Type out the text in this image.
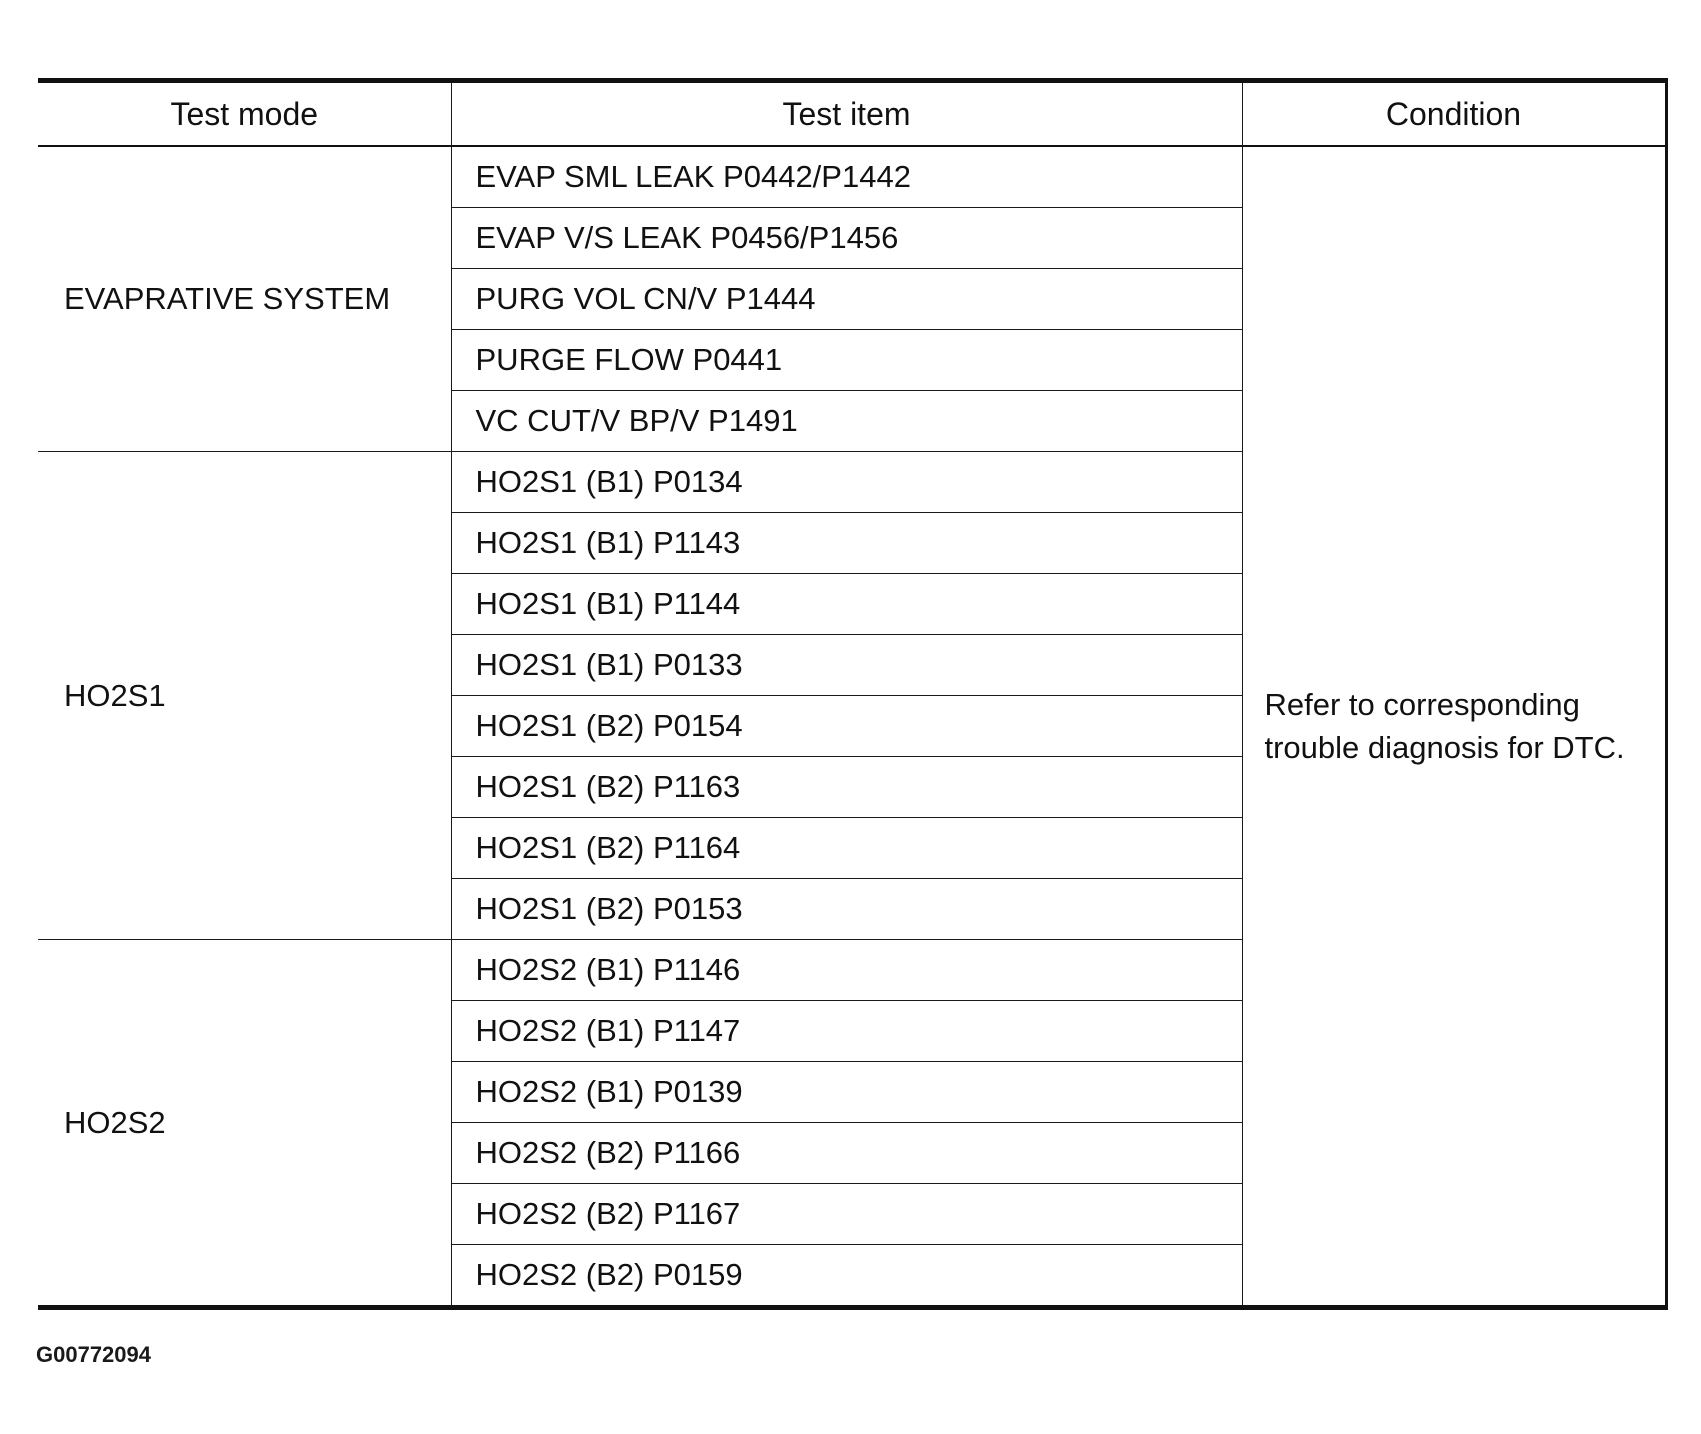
Test mode	Test item	Condition
EVAPRATIVE SYSTEM	EVAP SML LEAK P0442/P1442	Refer to corresponding trouble diagnosis for DTC.
	EVAP V/S LEAK P0456/P1456	
	PURG VOL CN/V P1444	
	PURGE FLOW P0441	
	VC CUT/V BP/V P1491	
HO2S1	HO2S1 (B1) P0134	
	HO2S1 (B1) P1143	
	HO2S1 (B1) P1144	
	HO2S1 (B1) P0133	
	HO2S1 (B2) P0154	
	HO2S1 (B2) P1163	
	HO2S1 (B2) P1164	
	HO2S1 (B2) P0153	
HO2S2	HO2S2 (B1) P1146	
	HO2S2 (B1) P1147	
	HO2S2 (B1) P0139	
	HO2S2 (B2) P1166	
	HO2S2 (B2) P1167	
	HO2S2 (B2) P0159	
G00772094
